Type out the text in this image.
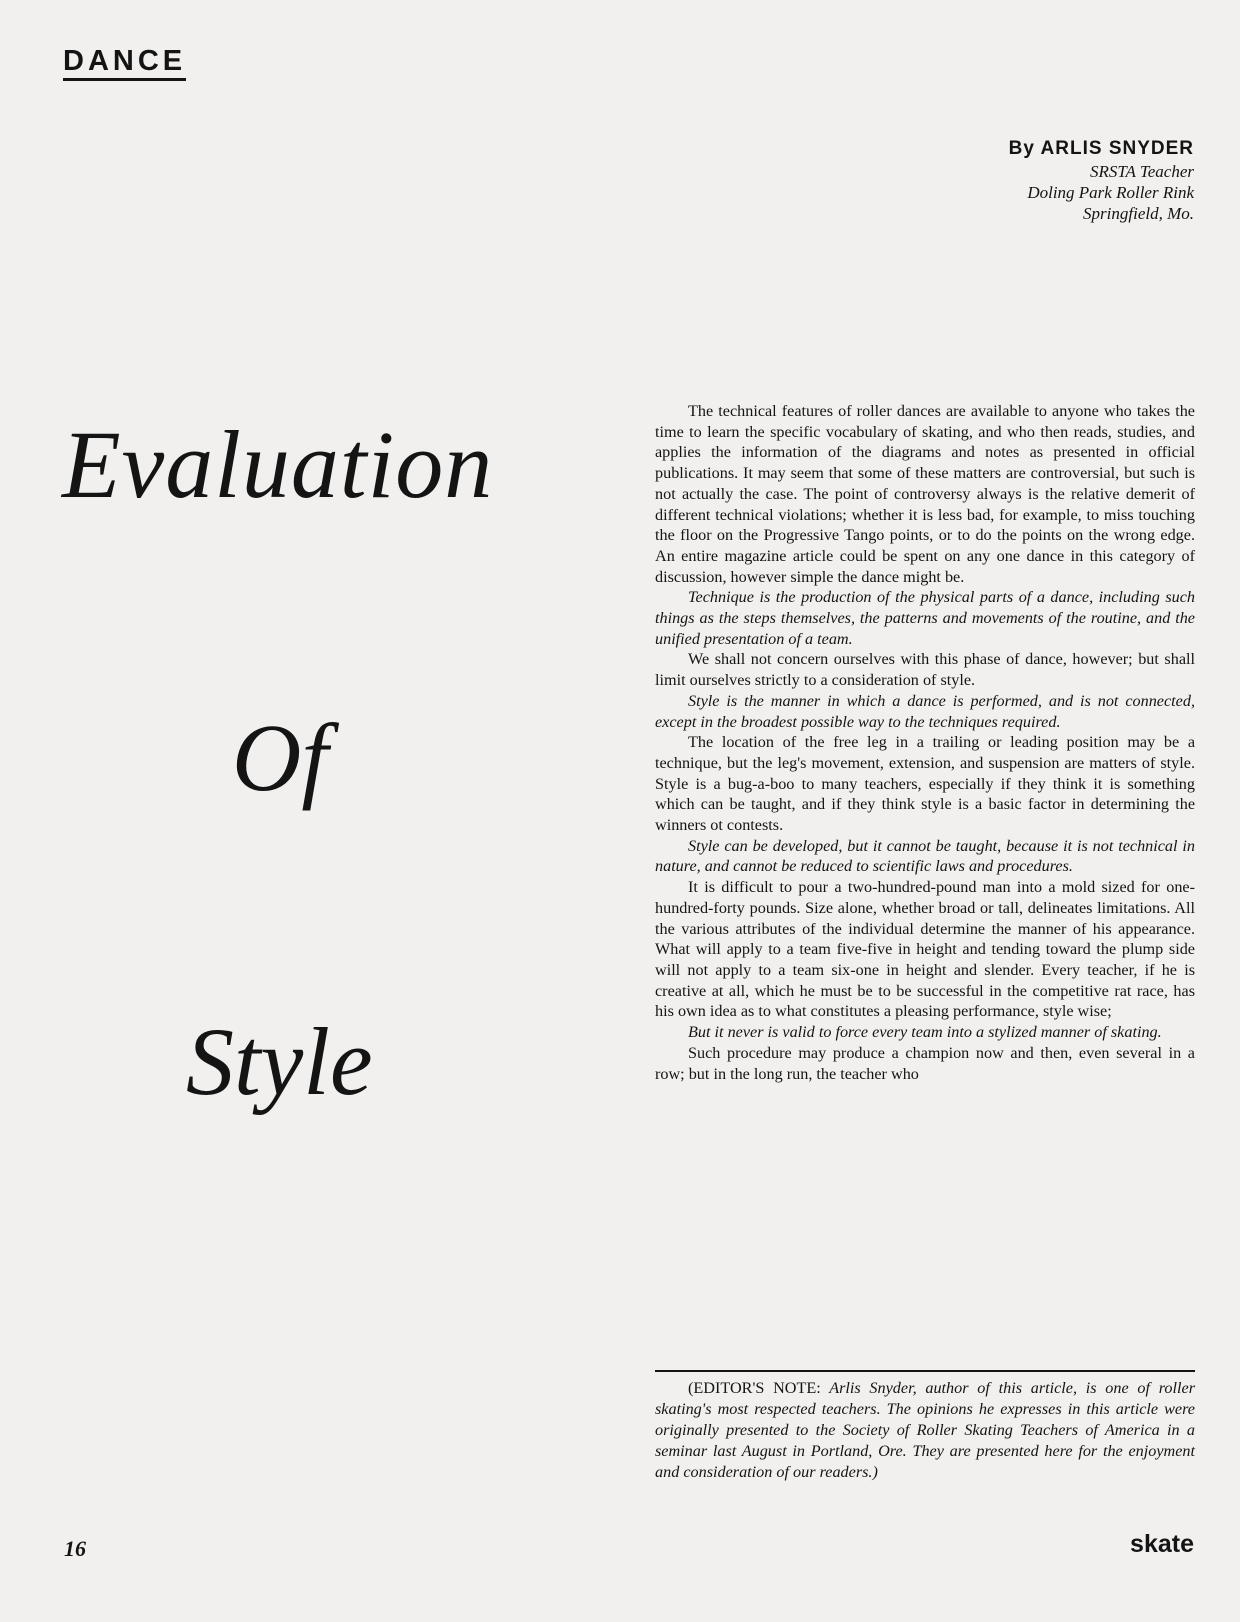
DANCE
By ARLIS SNYDER
SRSTA Teacher
Doling Park Roller Rink
Springfield, Mo.
Evaluation
Of
Style

The technical features of roller dances are available to anyone who takes the time to learn the specific vocabulary of skating, and who then reads, studies, and applies the information of the diagrams and notes as presented in official publications. It may seem that some of these matters are controversial, but such is not actually the case. The point of controversy always is the relative demerit of different technical violations; whether it is less bad, for example, to miss touching the floor on the Progressive Tango points, or to do the points on the wrong edge. An entire magazine article could be spent on any one dance in this category of discussion, however simple the dance might be.

Technique is the production of the physical parts of a dance, including such things as the steps themselves, the patterns and movements of the routine, and the unified presentation of a team.

We shall not concern ourselves with this phase of dance, however; but shall limit ourselves strictly to a consideration of style.

Style is the manner in which a dance is performed, and is not connected, except in the broadest possible way to the techniques required.

The location of the free leg in a trailing or leading position may be a technique, but the leg's movement, extension, and suspension are matters of style. Style is a bug-a-boo to many teachers, especially if they think it is something which can be taught, and if they think style is a basic factor in determining the winners ot contests.

Style can be developed, but it cannot be taught, because it is not technical in nature, and cannot be reduced to scientific laws and procedures.

It is difficult to pour a two-hundred-pound man into a mold sized for one-hundred-forty pounds. Size alone, whether broad or tall, delineates limitations. All the various attributes of the individual determine the manner of his appearance. What will apply to a team five-five in height and tending toward the plump side will not apply to a team six-one in height and slender. Every teacher, if he is creative at all, which he must be to be successful in the competitive rat race, has his own idea as to what constitutes a pleasing performance, style wise;

But it never is valid to force every team into a stylized manner of skating.

Such procedure may produce a champion now and then, even several in a row; but in the long run, the teacher who

(EDITOR'S NOTE: Arlis Snyder, author of this article, is one of roller skating's most respected teachers. The opinions he expresses in this article were originally presented to the Society of Roller Skating Teachers of America in a seminar last August in Portland, Ore. They are presented here for the enjoyment and consideration of our readers.)

16	skate
